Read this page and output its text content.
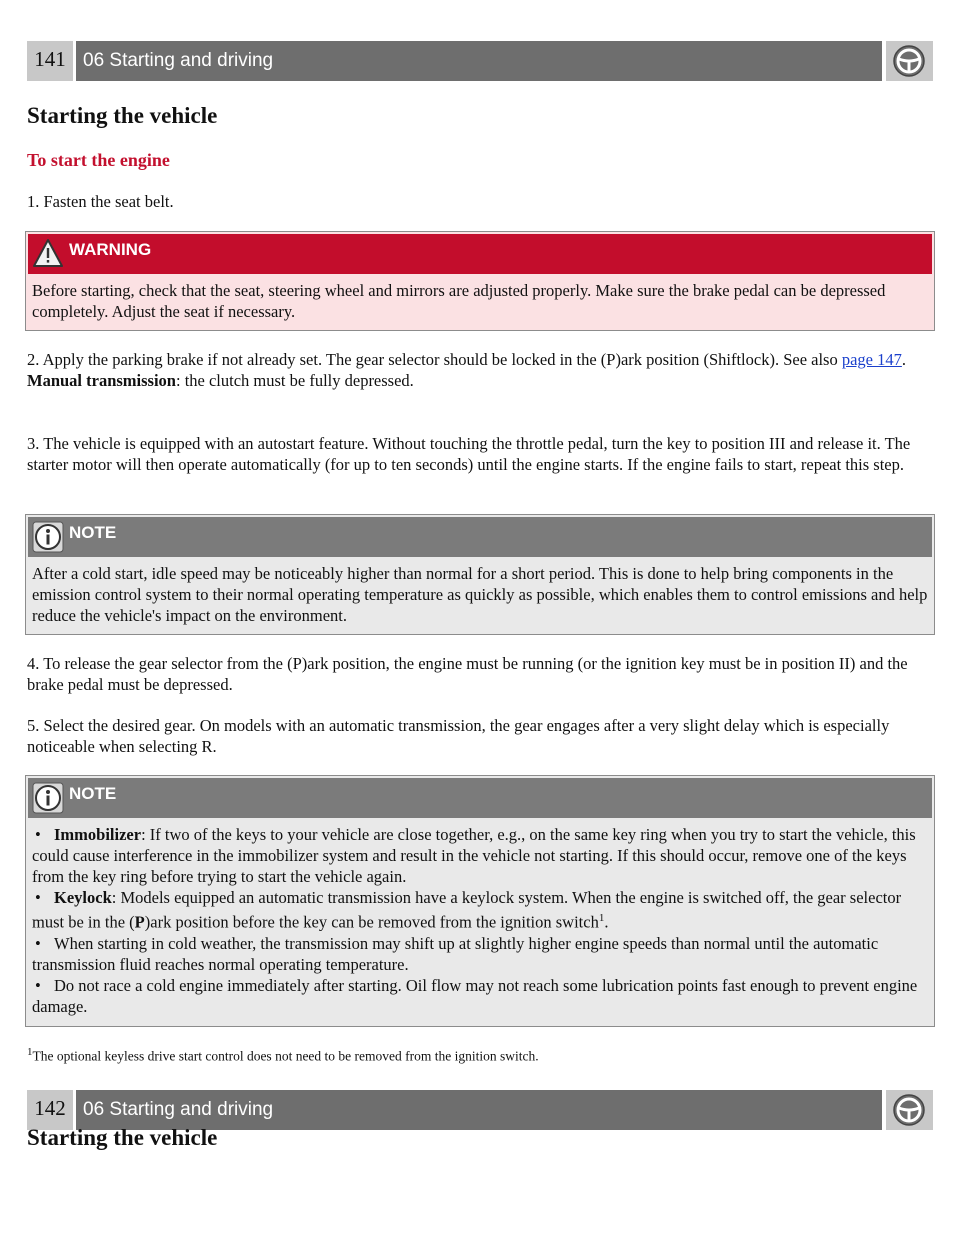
141 06 Starting and driving
Starting the vehicle

To start the engine

1. Fasten the seat belt.

WARNING
Before starting, check that the seat, steering wheel and mirrors are adjusted properly. Make sure the brake pedal can be depressed completely. Adjust the seat if necessary.
2. Apply the parking brake if not already set. The gear selector should be locked in the (P)ark position (Shiftlock). See also page 147.
Manual transmission: the clutch must be fully depressed.

3. The vehicle is equipped with an autostart feature. Without touching the throttle pedal, turn the key to position III and release it. The starter motor will then operate automatically (for up to ten seconds) until the engine starts. If the engine fails to start, repeat this step.

NOTE
After a cold start, idle speed may be noticeably higher than normal for a short period. This is done to help bring components in the emission control system to their normal operating temperature as quickly as possible, which enables them to control emissions and help reduce the vehicle's impact on the environment.

4. To release the gear selector from the (P)ark position, the engine must be running (or the ignition key must be in position II) and the brake pedal must be depressed.

5. Select the desired gear. On models with an automatic transmission, the gear engages after a very slight delay which is especially noticeable when selecting R.

NOTE
• Immobilizer: If two of the keys to your vehicle are close together, e.g., on the same key ring when you try to start the vehicle, this could cause interference in the immobilizer system and result in the vehicle not starting. If this should occur, remove one of the keys from the key ring before trying to start the vehicle again.
• Keylock: Models equipped an automatic transmission have a keylock system. When the engine is switched off, the gear selector must be in the (P)ark position before the key can be removed from the ignition switch$^1$.
• When starting in cold weather, the transmission may shift up at slightly higher engine speeds than normal until the automatic transmission fluid reaches normal operating temperature.
• Do not race a cold engine immediately after starting. Oil flow may not reach some lubrication points fast enough to prevent engine damage.

$^1$The optional keyless drive start control does not need to be removed from the ignition switch.

142 06 Starting and driving
Starting the vehicle
